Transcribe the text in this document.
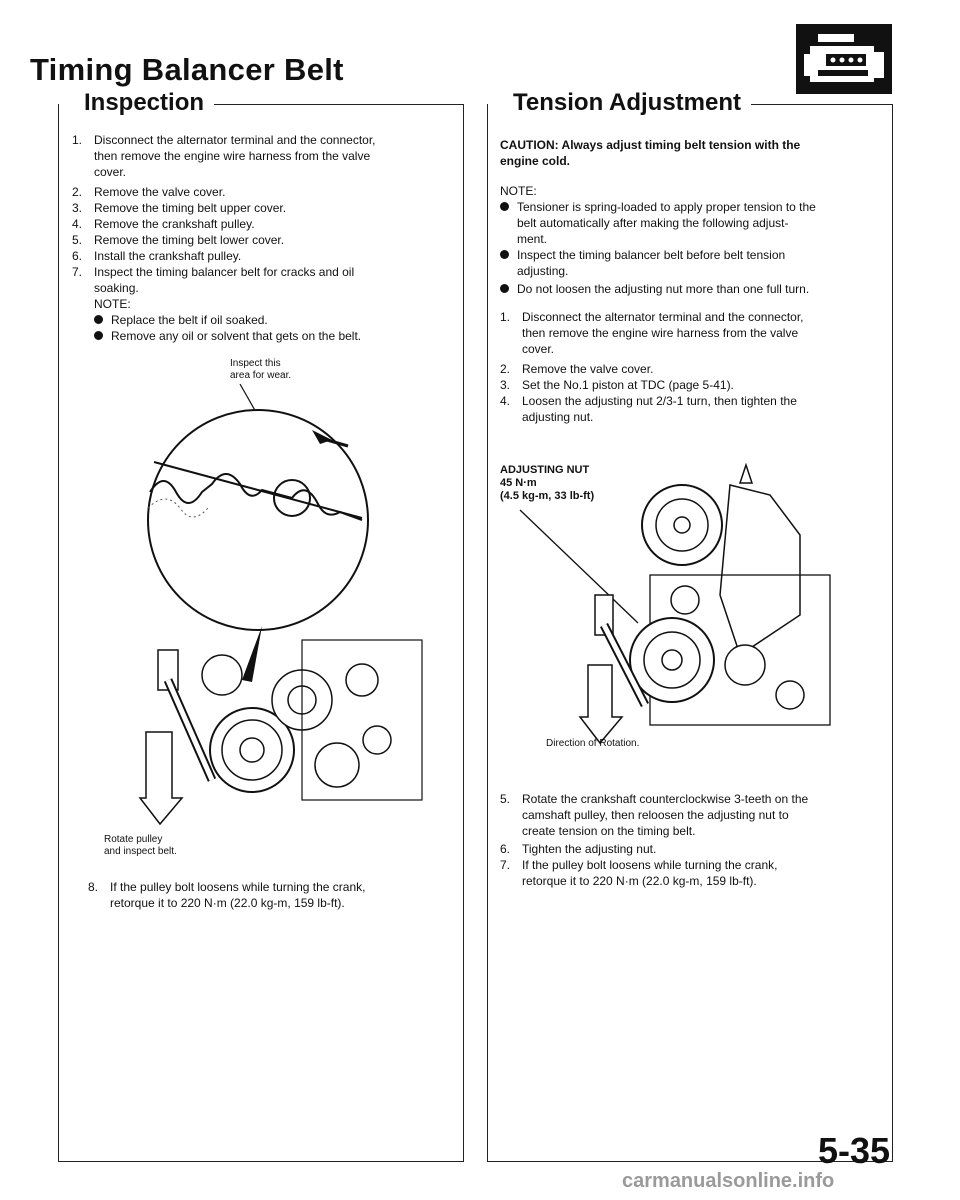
Timing Balancer Belt
Inspection
1. Disconnect the alternator terminal and the connector,
then remove the engine wire harness from the valve
cover.
2. Remove the valve cover.
3. Remove the timing belt upper cover.
4. Remove the crankshaft pulley.
5. Remove the timing belt lower cover.
6. Install the crankshaft pulley.
7. Inspect the timing balancer belt for cracks and oil
soaking.
NOTE:
Replace the belt if oil soaked.
Remove any oil or solvent that gets on the belt.
Inspect this
area for wear.
Rotate pulley
and inspect belt.
8. If the pulley bolt loosens while turning the crank,
retorque it to 220 N·m (22.0 kg-m, 159 lb-ft).
Tension Adjustment
CAUTION: Always adjust timing belt tension with the
engine cold.
NOTE:
Tensioner is spring-loaded to apply proper tension to the
belt automatically after making the following adjust-
ment.
Inspect the timing balancer belt before belt tension
adjusting.
Do not loosen the adjusting nut more than one full turn.
1. Disconnect the alternator terminal and the connector,
then remove the engine wire harness from the valve
cover.
2. Remove the valve cover.
3. Set the No.1 piston at TDC (page 5-41).
4. Loosen the adjusting nut 2/3-1 turn, then tighten the
adjusting nut.
ADJUSTING NUT
45 N·m
(4.5 kg-m, 33 lb-ft)
Direction of Rotation.
5. Rotate the crankshaft counterclockwise 3-teeth on the
camshaft pulley, then reloosen the adjusting nut to
create tension on the timing belt.
6. Tighten the adjusting nut.
7. If the pulley bolt loosens while turning the crank,
retorque it to 220 N·m (22.0 kg-m, 159 lb-ft).
5-35
carmanualsonline.info
